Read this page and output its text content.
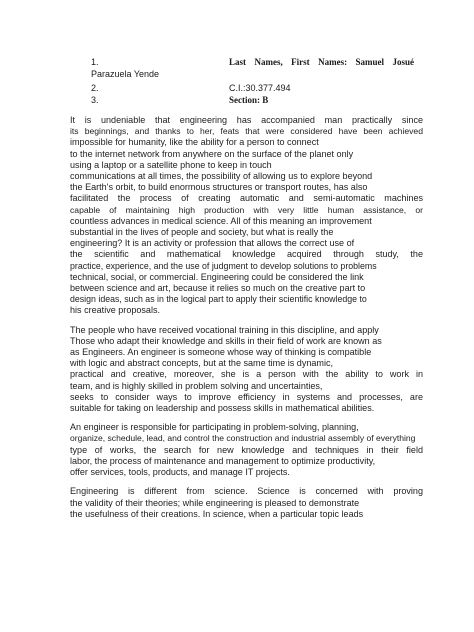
1.	Last Names, First Names: Samuel Josué
Parazuela Yende
2.	C.I.:30.377.494
3.	Section: B

It is undeniable that engineering has accompanied man practically since
its beginnings, and thanks to her, feats that were considered have been achieved
impossible for humanity, like the ability for a person to connect
to the internet network from anywhere on the surface of the planet only
using a laptop or a satellite phone to keep in touch
communications at all times, the possibility of allowing us to explore beyond
the Earth's orbit, to build enormous structures or transport routes, has also
facilitated the process of creating automatic and semi-automatic machines
capable of maintaining high production with very little human assistance, or
countless advances in medical science. All of this meaning an improvement
substantial in the lives of people and society, but what is really the
engineering? It is an activity or profession that allows the correct use of
the scientific and mathematical knowledge acquired through study, the
practice, experience, and the use of judgment to develop solutions to problems
technical, social, or commercial. Engineering could be considered the link
between science and art, because it relies so much on the creative part to
design ideas, such as in the logical part to apply their scientific knowledge to
his creative proposals.

The people who have received vocational training in this discipline, and apply
Those who adapt their knowledge and skills in their field of work are known as
as Engineers. An engineer is someone whose way of thinking is compatible
with logic and abstract concepts, but at the same time is dynamic,
practical and creative, moreover, she is a person with the ability to work in
team, and is highly skilled in problem solving and uncertainties,
seeks to consider ways to improve efficiency in systems and processes, are
suitable for taking on leadership and possess skills in mathematical abilities.

An engineer is responsible for participating in problem-solving, planning,
organize, schedule, lead, and control the construction and industrial assembly of everything
type of works, the search for new knowledge and techniques in their field
labor, the process of maintenance and management to optimize productivity,
offer services, tools, products, and manage IT projects.

Engineering is different from science. Science is concerned with proving
the validity of their theories; while engineering is pleased to demonstrate
the usefulness of their creations. In science, when a particular topic leads
